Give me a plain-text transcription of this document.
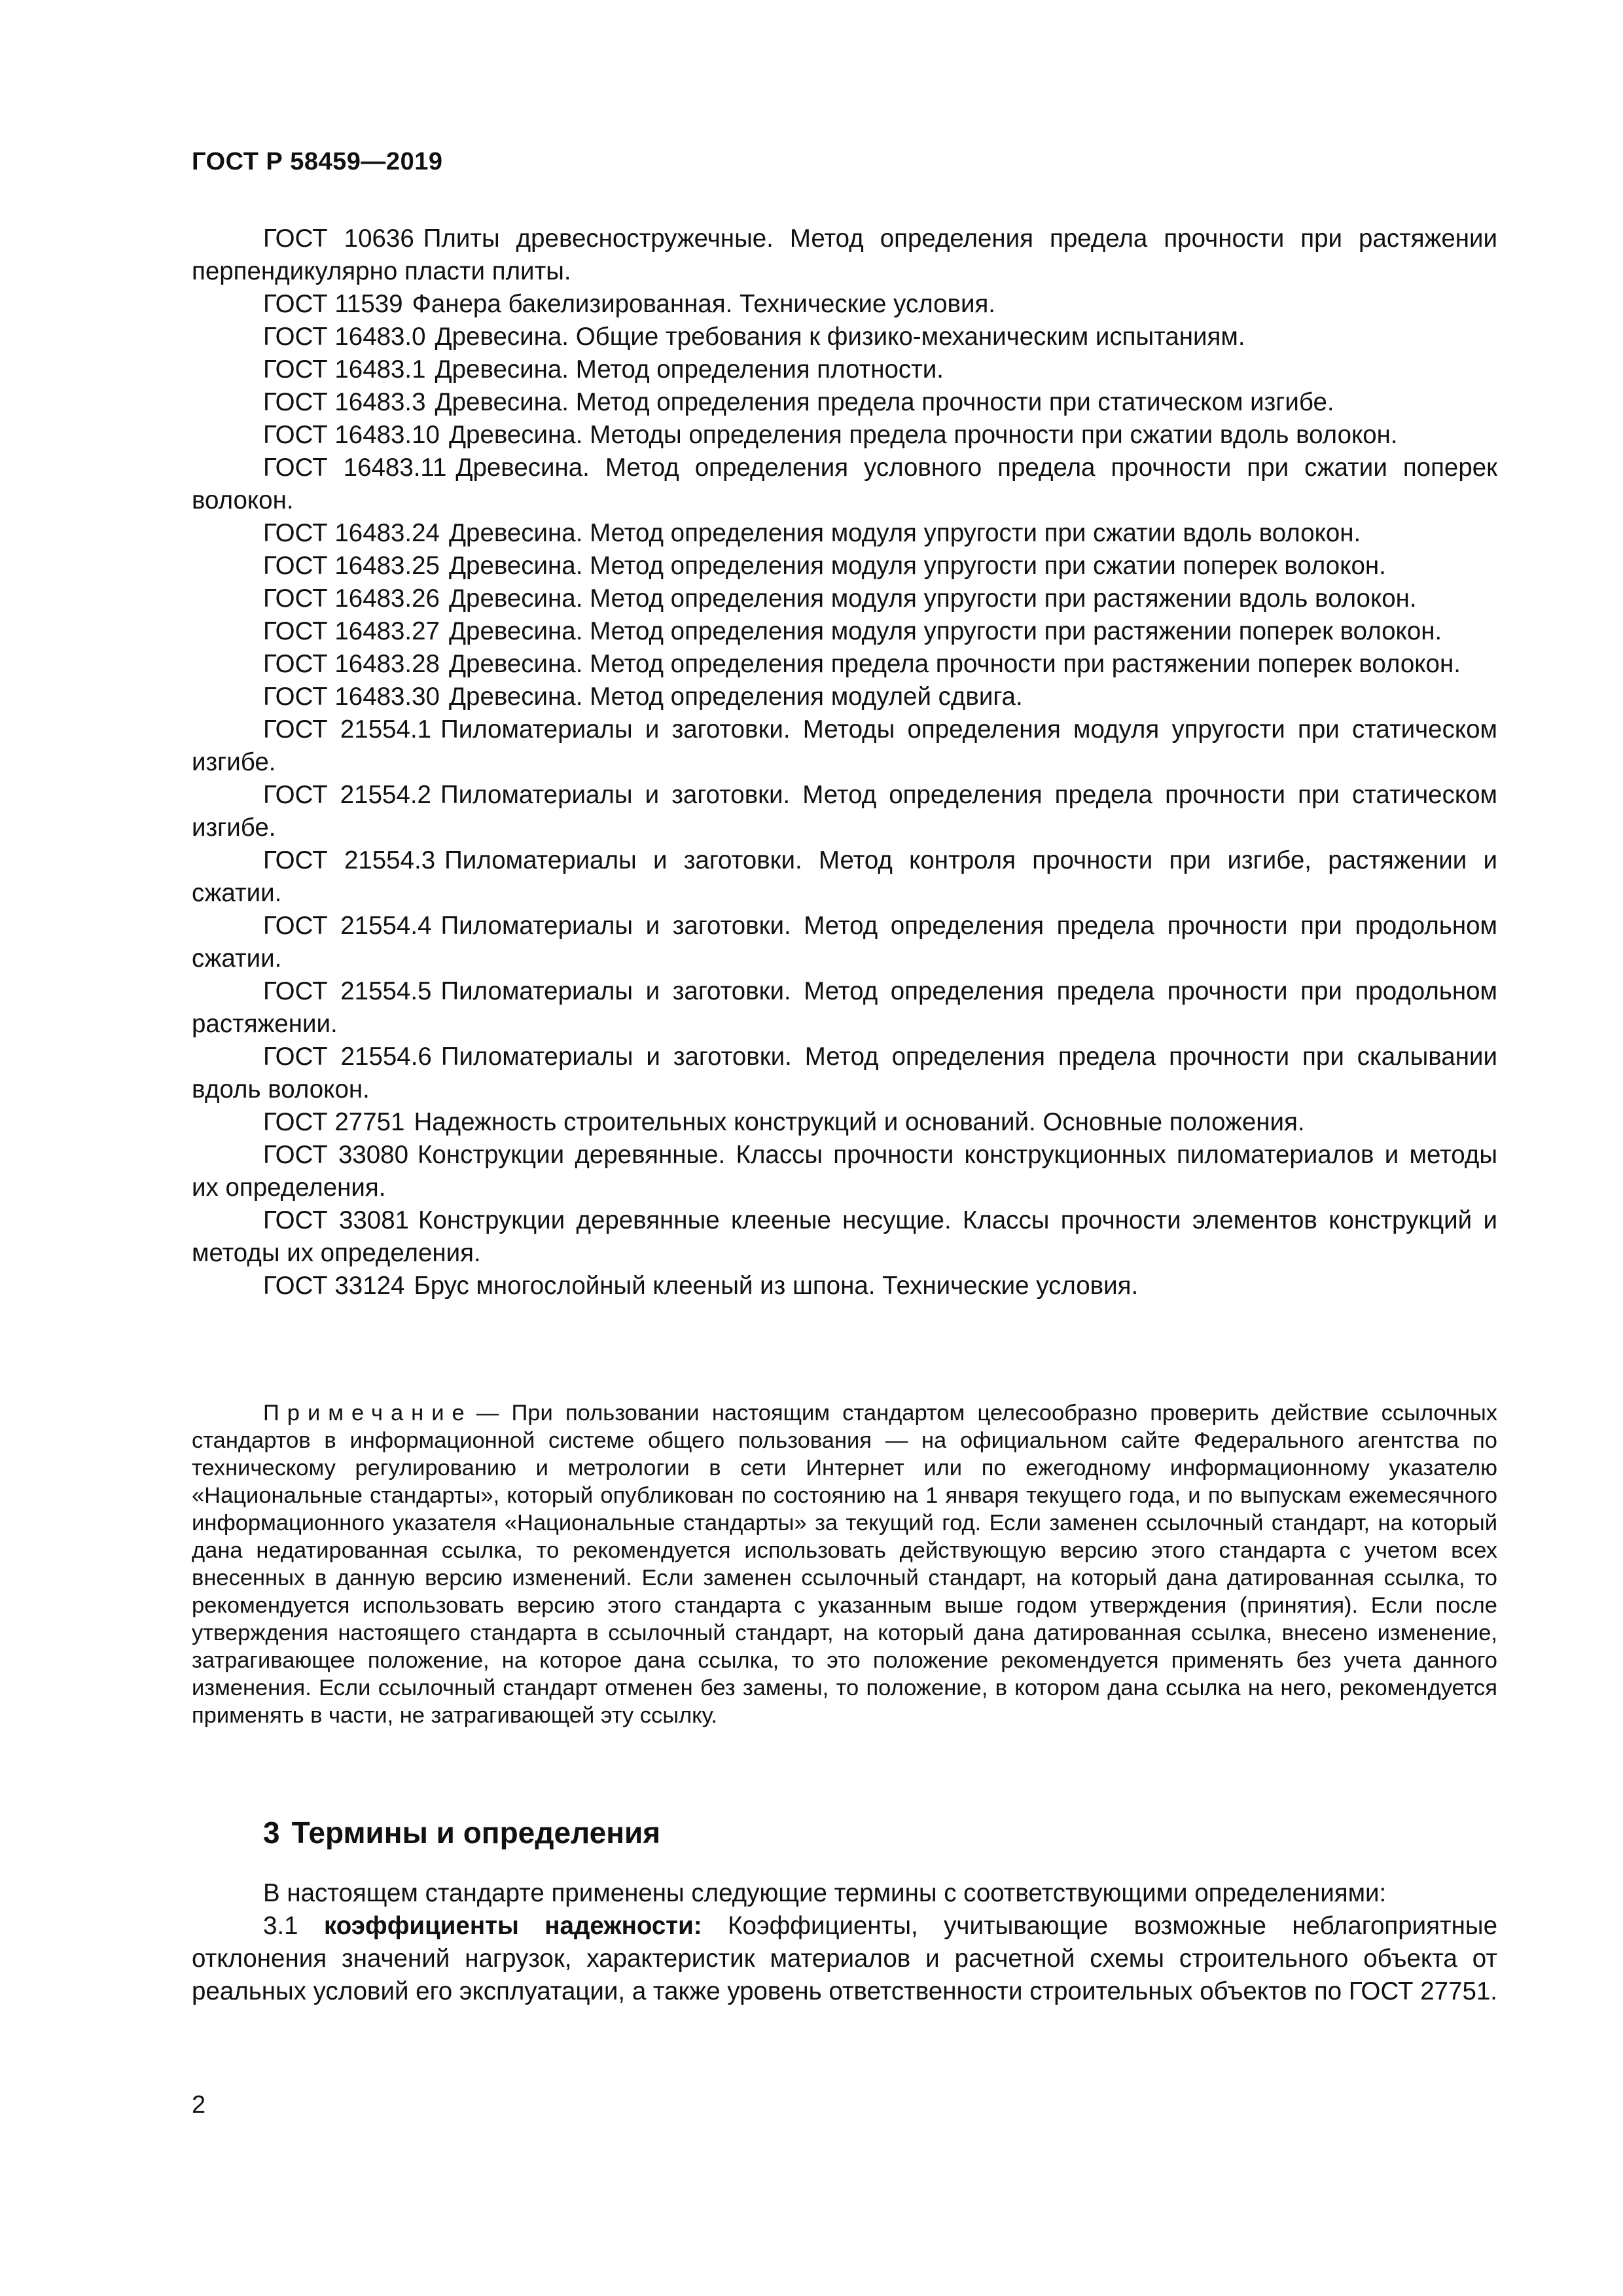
ГОСТ Р 58459—2019

ГОСТ 10636 Плиты древесностружечные. Метод определения предела прочности при растяжении перпендикулярно пласти плиты.

ГОСТ 11539 Фанера бакелизированная. Технические условия.

ГОСТ 16483.0 Древесина. Общие требования к физико-механическим испытаниям.

ГОСТ 16483.1 Древесина. Метод определения плотности.

ГОСТ 16483.3 Древесина. Метод определения предела прочности при статическом изгибе.

ГОСТ 16483.10 Древесина. Методы определения предела прочности при сжатии вдоль волокон.

ГОСТ 16483.11 Древесина. Метод определения условного предела прочности при сжатии поперек волокон.

ГОСТ 16483.24 Древесина. Метод определения модуля упругости при сжатии вдоль волокон.

ГОСТ 16483.25 Древесина. Метод определения модуля упругости при сжатии поперек волокон.

ГОСТ 16483.26 Древесина. Метод определения модуля упругости при растяжении вдоль волокон.

ГОСТ 16483.27 Древесина. Метод определения модуля упругости при растяжении поперек волокон.

ГОСТ 16483.28 Древесина. Метод определения предела прочности при растяжении поперек волокон.

ГОСТ 16483.30 Древесина. Метод определения модулей сдвига.

ГОСТ 21554.1 Пиломатериалы и заготовки. Методы определения модуля упругости при статическом изгибе.

ГОСТ 21554.2 Пиломатериалы и заготовки. Метод определения предела прочности при статическом изгибе.

ГОСТ 21554.3 Пиломатериалы и заготовки. Метод контроля прочности при изгибе, растяжении и сжатии.

ГОСТ 21554.4 Пиломатериалы и заготовки. Метод определения предела прочности при продольном сжатии.

ГОСТ 21554.5 Пиломатериалы и заготовки. Метод определения предела прочности при продольном растяжении.

ГОСТ 21554.6 Пиломатериалы и заготовки. Метод определения предела прочности при скалывании вдоль волокон.

ГОСТ 27751 Надежность строительных конструкций и оснований. Основные положения.

ГОСТ 33080 Конструкции деревянные. Классы прочности конструкционных пиломатериалов и методы их определения.

ГОСТ 33081 Конструкции деревянные клееные несущие. Классы прочности элементов конструкций и методы их определения.

ГОСТ 33124 Брус многослойный клееный из шпона. Технические условия.

Примечание — При пользовании настоящим стандартом целесообразно проверить действие ссылочных стандартов в информационной системе общего пользования — на официальном сайте Федерального агентства по техническому регулированию и метрологии в сети Интернет или по ежегодному информационному указателю «Национальные стандарты», который опубликован по состоянию на 1 января текущего года, и по выпускам ежемесячного информационного указателя «Национальные стандарты» за текущий год. Если заменен ссылочный стандарт, на который дана недатированная ссылка, то рекомендуется использовать действующую версию этого стандарта с учетом всех внесенных в данную версию изменений. Если заменен ссылочный стандарт, на который дана датированная ссылка, то рекомендуется использовать версию этого стандарта с указанным выше годом утверждения (принятия). Если после утверждения настоящего стандарта в ссылочный стандарт, на который дана датированная ссылка, внесено изменение, затрагивающее положение, на которое дана ссылка, то это положение рекомендуется применять без учета данного изменения. Если ссылочный стандарт отменен без замены, то положение, в котором дана ссылка на него, рекомендуется применять в части, не затрагивающей эту ссылку.

3 Термины и определения

В настоящем стандарте применены следующие термины с соответствующими определениями:

3.1 коэффициенты надежности: Коэффициенты, учитывающие возможные неблагоприятные отклонения значений нагрузок, характеристик материалов и расчетной схемы строительного объекта от реальных условий его эксплуатации, а также уровень ответственности строительных объектов по ГОСТ 27751.

2
